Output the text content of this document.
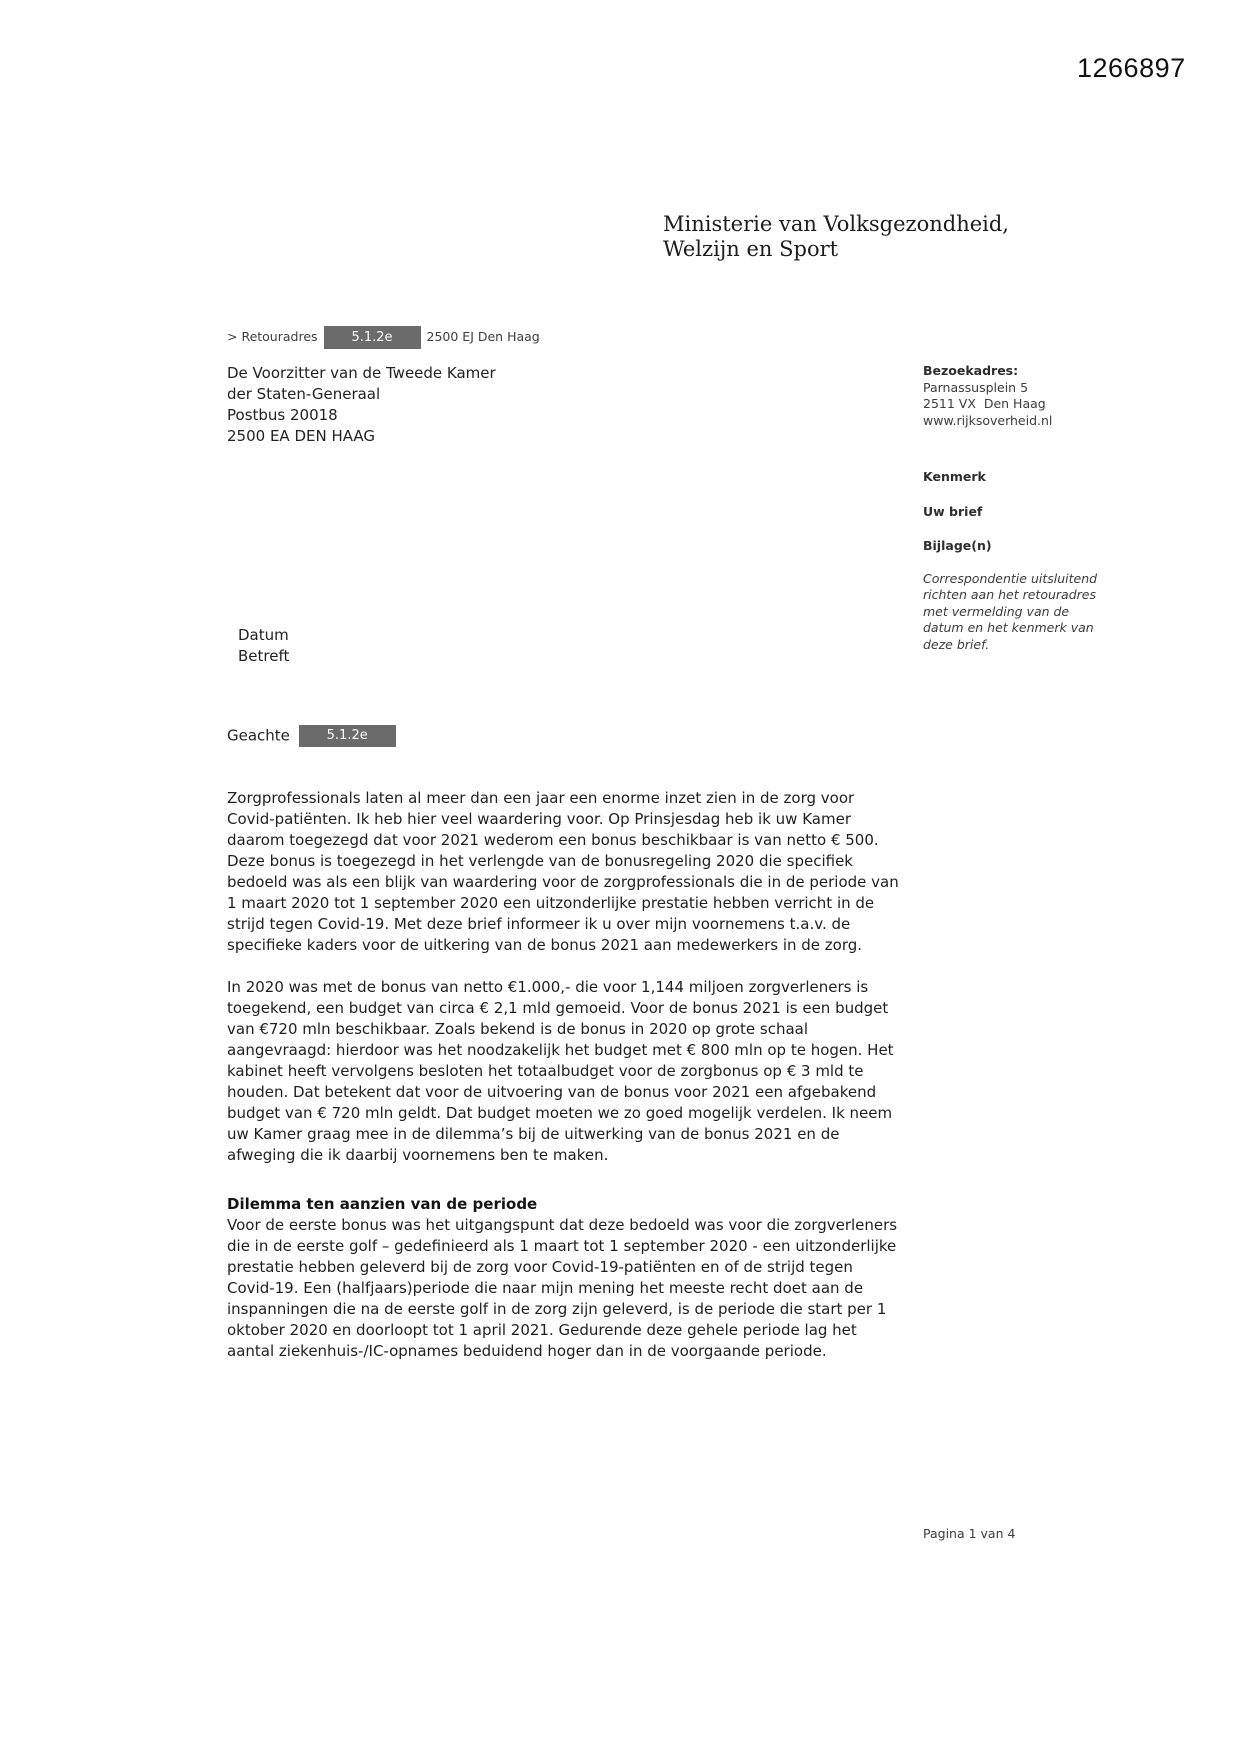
1266897
Ministerie van Volksgezondheid,
Welzijn en Sport
> Retouradres	5.1.2e	2500 EJ Den Haag
De Voorzitter van de Tweede Kamer
der Staten-Generaal
Postbus 20018
2500 EA DEN HAAG
Bezoekadres:
Parnassusplein 5
2511 VX  Den Haag
www.rijksoverheid.nl
Kenmerk
Uw brief
Bijlage(n)
Correspondentie uitsluitend richten aan het retouradres met vermelding van de datum en het kenmerk van deze brief.
Datum
Betreft
Geachte	5.1.2e

Zorgprofessionals laten al meer dan een jaar een enorme inzet zien in de zorg voor Covid-patiënten. Ik heb hier veel waardering voor. Op Prinsjesdag heb ik uw Kamer daarom toegezegd dat voor 2021 wederom een bonus beschikbaar is van netto € 500. Deze bonus is toegezegd in het verlengde van de bonusregeling 2020 die specifiek bedoeld was als een blijk van waardering voor de zorgprofessionals die in de periode van 1 maart 2020 tot 1 september 2020 een uitzonderlijke prestatie hebben verricht in de strijd tegen Covid-19. Met deze brief informeer ik u over mijn voornemens t.a.v. de specifieke kaders voor de uitkering van de bonus 2021 aan medewerkers in de zorg.

In 2020 was met de bonus van netto €1.000,- die voor 1,144 miljoen zorgverleners is toegekend, een budget van circa € 2,1 mld gemoeid. Voor de bonus 2021 is een budget van €720 mln beschikbaar. Zoals bekend is de bonus in 2020 op grote schaal aangevraagd: hierdoor was het noodzakelijk het budget met € 800 mln op te hogen. Het kabinet heeft vervolgens besloten het totaalbudget voor de zorgbonus op € 3 mld te houden. Dat betekent dat voor de uitvoering van de bonus voor 2021 een afgebakend budget van € 720 mln geldt. Dat budget moeten we zo goed mogelijk verdelen. Ik neem uw Kamer graag mee in de dilemma’s bij de uitwerking van de bonus 2021 en de afweging die ik daarbij voornemens ben te maken.

Dilemma ten aanzien van de periode

Voor de eerste bonus was het uitgangspunt dat deze bedoeld was voor die zorgverleners die in de eerste golf – gedefinieerd als 1 maart tot 1 september 2020 - een uitzonderlijke prestatie hebben geleverd bij de zorg voor Covid-19-patiënten en of de strijd tegen Covid-19. Een (halfjaars)periode die naar mijn mening het meeste recht doet aan de inspanningen die na de eerste golf in de zorg zijn geleverd, is de periode die start per 1 oktober 2020 en doorloopt tot 1 april 2021. Gedurende deze gehele periode lag het aantal ziekenhuis-/IC-opnames beduidend hoger dan in de voorgaande periode.

Pagina 1 van 4
